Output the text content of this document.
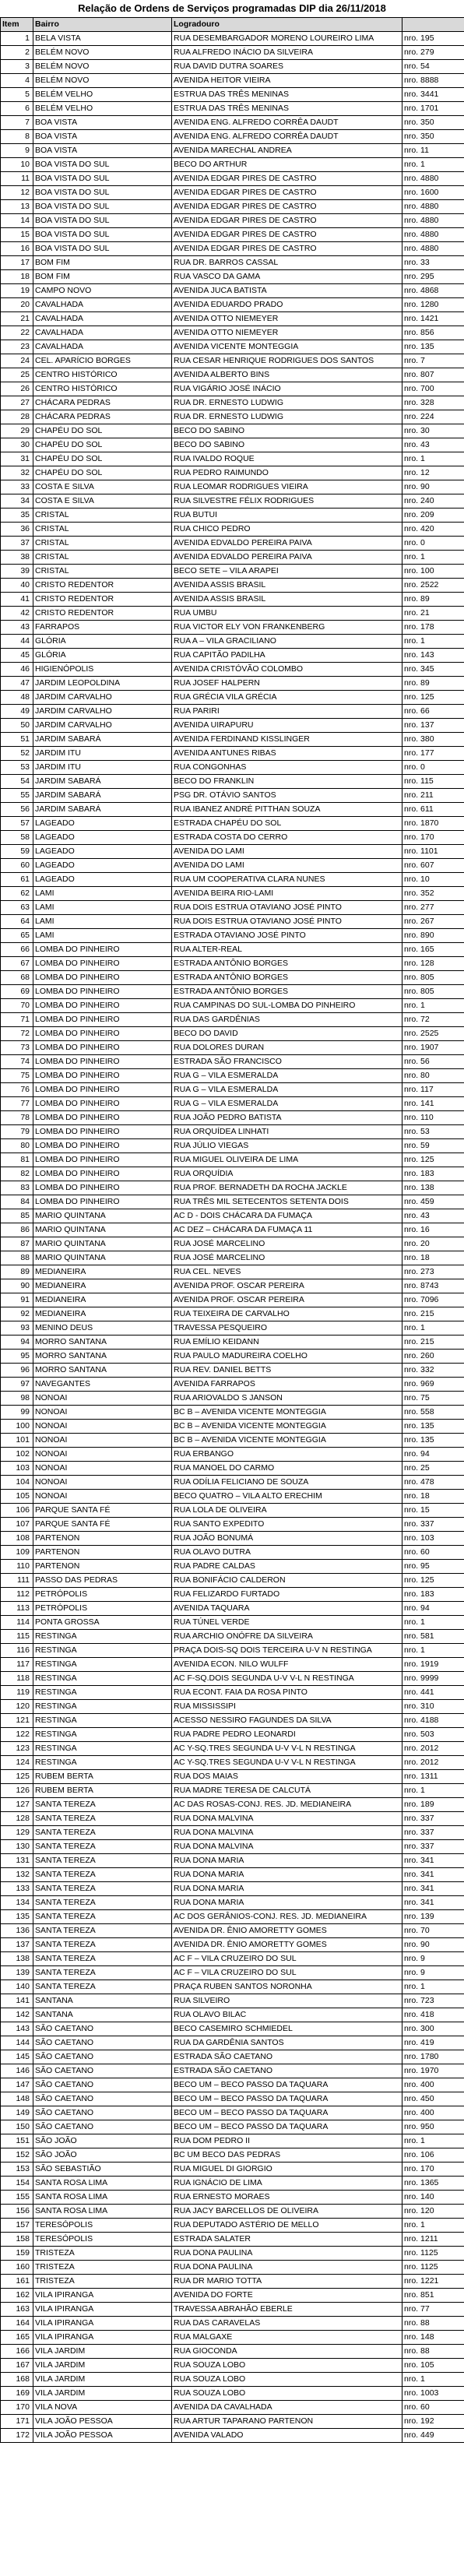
Relação de Ordens de Serviços programadas DIP dia 26/11/2018
Item	Bairro	Logradouro	
1	BELA VISTA	RUA DESEMBARGADOR MORENO LOUREIRO LIMA	nro. 195
2	BELÉM NOVO	RUA ALFREDO INÁCIO DA SILVEIRA	nro. 279
3	BELÉM NOVO	RUA DAVID DUTRA SOARES	nro. 54
4	BELÉM NOVO	AVENIDA HEITOR VIEIRA	nro. 8888
5	BELÉM VELHO	ESTRUA DAS TRÊS MENINAS	nro. 3441
6	BELÉM VELHO	ESTRUA DAS TRÊS MENINAS	nro. 1701
7	BOA VISTA	AVENIDA ENG. ALFREDO CORRÊA DAUDT	nro. 350
8	BOA VISTA	AVENIDA ENG. ALFREDO CORRÊA DAUDT	nro. 350
9	BOA VISTA	AVENIDA MARECHAL ANDREA	nro. 11
10	BOA VISTA DO SUL	BECO DO ARTHUR	nro. 1
11	BOA VISTA DO SUL	AVENIDA EDGAR PIRES DE CASTRO	nro. 4880
12	BOA VISTA DO SUL	AVENIDA EDGAR PIRES DE CASTRO	nro. 1600
13	BOA VISTA DO SUL	AVENIDA EDGAR PIRES DE CASTRO	nro. 4880
14	BOA VISTA DO SUL	AVENIDA EDGAR PIRES DE CASTRO	nro. 4880
15	BOA VISTA DO SUL	AVENIDA EDGAR PIRES DE CASTRO	nro. 4880
16	BOA VISTA DO SUL	AVENIDA EDGAR PIRES DE CASTRO	nro. 4880
17	BOM FIM	RUA DR. BARROS CASSAL	nro. 33
18	BOM FIM	RUA VASCO DA GAMA	nro. 295
19	CAMPO NOVO	AVENIDA JUCA BATISTA	nro. 4868
20	CAVALHADA	AVENIDA EDUARDO PRADO	nro. 1280
21	CAVALHADA	AVENIDA OTTO NIEMEYER	nro. 1421
22	CAVALHADA	AVENIDA OTTO NIEMEYER	nro. 856
23	CAVALHADA	AVENIDA VICENTE MONTEGGIA	nro. 135
24	CEL. APARÍCIO BORGES	RUA CESAR HENRIQUE RODRIGUES DOS SANTOS	nro. 7
25	CENTRO HISTÓRICO	AVENIDA ALBERTO BINS	nro. 807
26	CENTRO HISTÓRICO	RUA VIGÁRIO JOSÉ INÁCIO	nro. 700
27	CHÁCARA PEDRAS	RUA DR. ERNESTO LUDWIG	nro. 328
28	CHÁCARA PEDRAS	RUA DR. ERNESTO LUDWIG	nro. 224
29	CHAPÉU DO SOL	BECO DO SABINO	nro. 30
30	CHAPÉU DO SOL	BECO DO SABINO	nro. 43
31	CHAPÉU DO SOL	RUA IVALDO ROQUE	nro. 1
32	CHAPÉU DO SOL	RUA PEDRO RAIMUNDO	nro. 12
33	COSTA E SILVA	RUA LEOMAR RODRIGUES VIEIRA	nro. 90
34	COSTA E SILVA	RUA SILVESTRE FÉLIX RODRIGUES	nro. 240
35	CRISTAL	RUA BUTUI	nro. 209
36	CRISTAL	RUA CHICO PEDRO	nro. 420
37	CRISTAL	AVENIDA EDVALDO PEREIRA PAIVA	nro. 0
38	CRISTAL	AVENIDA EDVALDO PEREIRA PAIVA	nro. 1
39	CRISTAL	BECO SETE – VILA ARAPEI	nro. 100
40	CRISTO REDENTOR	AVENIDA ASSIS BRASIL	nro. 2522
41	CRISTO REDENTOR	AVENIDA ASSIS BRASIL	nro. 89
42	CRISTO REDENTOR	RUA UMBU	nro. 21
43	FARRAPOS	RUA VICTOR ELY VON FRANKENBERG	nro. 178
44	GLÓRIA	RUA A – VILA GRACILIANO	nro. 1
45	GLÓRIA	RUA CAPITÃO PADILHA	nro. 143
46	HIGIENÓPOLIS	AVENIDA CRISTÓVÃO COLOMBO	nro. 345
47	JARDIM LEOPOLDINA	RUA JOSEF HALPERN	nro. 89
48	JARDIM CARVALHO	RUA GRÉCIA VILA GRÉCIA	nro. 125
49	JARDIM CARVALHO	RUA PARIRI	nro. 66
50	JARDIM CARVALHO	AVENIDA UIRAPURU	nro. 137
51	JARDIM SABARÁ	AVENIDA FERDINAND KISSLINGER	nro. 380
52	JARDIM ITU	AVENIDA ANTUNES RIBAS	nro. 177
53	JARDIM ITU	RUA CONGONHAS	nro. 0
54	JARDIM SABARÁ	BECO DO FRANKLIN	nro. 115
55	JARDIM SABARÁ	PSG DR. OTÁVIO SANTOS	nro. 211
56	JARDIM SABARÁ	RUA IBANEZ ANDRÉ PITTHAN SOUZA	nro. 611
57	LAGEADO	ESTRADA CHAPÉU DO SOL	nro. 1870
58	LAGEADO	ESTRADA COSTA DO CERRO	nro. 170
59	LAGEADO	AVENIDA DO LAMI	nro. 1101
60	LAGEADO	AVENIDA DO LAMI	nro. 607
61	LAGEADO	RUA UM COOPERATIVA CLARA NUNES	nro. 10
62	LAMI	AVENIDA BEIRA RIO-LAMI	nro. 352
63	LAMI	RUA DOIS ESTRUA OTAVIANO JOSÉ PINTO	nro. 277
64	LAMI	RUA DOIS ESTRUA OTAVIANO JOSÉ PINTO	nro. 267
65	LAMI	ESTRADA OTAVIANO JOSÉ PINTO	nro. 890
66	LOMBA DO PINHEIRO	RUA ALTER-REAL	nro. 165
67	LOMBA DO PINHEIRO	ESTRADA ANTÔNIO BORGES	nro. 128
68	LOMBA DO PINHEIRO	ESTRADA ANTÔNIO BORGES	nro. 805
69	LOMBA DO PINHEIRO	ESTRADA ANTÔNIO BORGES	nro. 805
70	LOMBA DO PINHEIRO	RUA CAMPINAS DO SUL-LOMBA DO PINHEIRO	nro. 1
71	LOMBA DO PINHEIRO	RUA DAS GARDÊNIAS	nro. 72
72	LOMBA DO PINHEIRO	BECO DO DAVID	nro. 2525
73	LOMBA DO PINHEIRO	RUA DOLORES DURAN	nro. 1907
74	LOMBA DO PINHEIRO	ESTRADA SÃO FRANCISCO	nro. 56
75	LOMBA DO PINHEIRO	RUA G – VILA ESMERALDA	nro. 80
76	LOMBA DO PINHEIRO	RUA G – VILA ESMERALDA	nro. 117
77	LOMBA DO PINHEIRO	RUA G – VILA ESMERALDA	nro. 141
78	LOMBA DO PINHEIRO	RUA JOÃO PEDRO BATISTA	nro. 110
79	LOMBA DO PINHEIRO	RUA ORQUÍDEA LINHATI	nro. 53
80	LOMBA DO PINHEIRO	RUA JÚLIO VIEGAS	nro. 59
81	LOMBA DO PINHEIRO	RUA MIGUEL OLIVEIRA DE LIMA	nro. 125
82	LOMBA DO PINHEIRO	RUA ORQUÍDIA	nro. 183
83	LOMBA DO PINHEIRO	RUA PROF. BERNADETH DA ROCHA JACKLE	nro. 138
84	LOMBA DO PINHEIRO	RUA TRÊS MIL SETECENTOS SETENTA DOIS	nro. 459
85	MARIO QUINTANA	AC D - DOIS CHÁCARA DA FUMAÇA	nro. 43
86	MARIO QUINTANA	AC DEZ – CHÁCARA DA FUMAÇA 11	nro. 16
87	MARIO QUINTANA	RUA JOSÉ MARCELINO	nro. 20
88	MARIO QUINTANA	RUA JOSÉ MARCELINO	nro. 18
89	MEDIANEIRA	RUA CEL. NEVES	nro. 273
90	MEDIANEIRA	AVENIDA PROF. OSCAR PEREIRA	nro. 8743
91	MEDIANEIRA	AVENIDA PROF. OSCAR PEREIRA	nro. 7096
92	MEDIANEIRA	RUA TEIXEIRA DE CARVALHO	nro. 215
93	MENINO DEUS	TRAVESSA PESQUEIRO	nro. 1
94	MORRO SANTANA	RUA EMÍLIO KEIDANN	nro. 215
95	MORRO SANTANA	RUA PAULO MADUREIRA COELHO	nro. 260
96	MORRO SANTANA	RUA REV. DANIEL BETTS	nro. 332
97	NAVEGANTES	AVENIDA FARRAPOS	nro. 969
98	NONOAI	RUA ARIOVALDO S JANSON	nro. 75
99	NONOAI	BC B – AVENIDA VICENTE MONTEGGIA	nro. 558
100	NONOAI	BC B – AVENIDA VICENTE MONTEGGIA	nro. 135
101	NONOAI	BC B – AVENIDA VICENTE MONTEGGIA	nro. 135
102	NONOAI	RUA ERBANGO	nro. 94
103	NONOAI	RUA MANOEL DO CARMO	nro. 25
104	NONOAI	RUA ODÍLIA FELICIANO DE SOUZA	nro. 478
105	NONOAI	BECO QUATRO – VILA ALTO ERECHIM	nro. 18
106	PARQUE SANTA FÉ	RUA LOLA DE OLIVEIRA	nro. 15
107	PARQUE SANTA FÉ	RUA SANTO EXPEDITO	nro. 337
108	PARTENON	RUA JOÃO BONUMÁ	nro. 103
109	PARTENON	RUA OLAVO DUTRA	nro. 60
110	PARTENON	RUA PADRE CALDAS	nro. 95
111	PASSO DAS PEDRAS	RUA BONIFÁCIO CALDERON	nro. 125
112	PETRÓPOLIS	RUA FELIZARDO FURTADO	nro. 183
113	PETRÓPOLIS	AVENIDA TAQUARA	nro. 94
114	PONTA GROSSA	RUA TÚNEL VERDE	nro. 1
115	RESTINGA	RUA ARCHIO ONÓFRE DA SILVEIRA	nro. 581
116	RESTINGA	PRAÇA DOIS-SQ DOIS TERCEIRA U-V N RESTINGA	nro. 1
117	RESTINGA	AVENIDA ECON. NILO WULFF	nro. 1919
118	RESTINGA	AC F-SQ.DOIS SEGUNDA U-V V-L N RESTINGA	nro. 9999
119	RESTINGA	RUA ECONT. FAIA DA ROSA PINTO	nro. 441
120	RESTINGA	RUA MISSISSIPI	nro. 310
121	RESTINGA	ACESSO NESSIRO FAGUNDES DA SILVA	nro. 4188
122	RESTINGA	RUA PADRE PEDRO LEONARDI	nro. 503
123	RESTINGA	AC Y-SQ.TRES SEGUNDA U-V V-L N RESTINGA	nro. 2012
124	RESTINGA	AC Y-SQ.TRES SEGUNDA U-V V-L N RESTINGA	nro. 2012
125	RUBEM BERTA	RUA DOS MAIAS	nro. 1311
126	RUBEM BERTA	RUA MADRE TERESA DE CALCUTÁ	nro. 1
127	SANTA TEREZA	AC DAS ROSAS-CONJ. RES. JD. MEDIANEIRA	nro. 189
128	SANTA TEREZA	RUA DONA MALVINA	nro. 337
129	SANTA TEREZA	RUA DONA MALVINA	nro. 337
130	SANTA TEREZA	RUA DONA MALVINA	nro. 337
131	SANTA TEREZA	RUA DONA MARIA	nro. 341
132	SANTA TEREZA	RUA DONA MARIA	nro. 341
133	SANTA TEREZA	RUA DONA MARIA	nro. 341
134	SANTA TEREZA	RUA DONA MARIA	nro. 341
135	SANTA TEREZA	AC DOS GERÂNIOS-CONJ. RES. JD. MEDIANEIRA	nro. 139
136	SANTA TEREZA	AVENIDA DR. ÊNIO AMORETTY GOMES	nro. 70
137	SANTA TEREZA	AVENIDA DR. ÊNIO AMORETTY GOMES	nro. 90
138	SANTA TEREZA	AC F – VILA CRUZEIRO DO SUL	nro. 9
139	SANTA TEREZA	AC F – VILA CRUZEIRO DO SUL	nro. 9
140	SANTA TEREZA	PRAÇA RUBEN SANTOS NORONHA	nro. 1
141	SANTANA	RUA SILVEIRO	nro. 723
142	SANTANA	RUA OLAVO BILAC	nro. 418
143	SÃO CAETANO	BECO CASEMIRO SCHMIEDEL	nro. 300
144	SÃO CAETANO	RUA DA GARDÊNIA SANTOS	nro. 419
145	SÃO CAETANO	ESTRADA SÃO CAETANO	nro. 1780
146	SÃO CAETANO	ESTRADA SÃO CAETANO	nro. 1970
147	SÃO CAETANO	BECO UM – BECO PASSO DA TAQUARA	nro. 400
148	SÃO CAETANO	BECO UM – BECO PASSO DA TAQUARA	nro. 450
149	SÃO CAETANO	BECO UM – BECO PASSO DA TAQUARA	nro. 400
150	SÃO CAETANO	BECO UM – BECO PASSO DA TAQUARA	nro. 950
151	SÃO JOÃO	RUA DOM PEDRO II	nro. 1
152	SÃO JOÃO	BC UM BECO DAS PEDRAS	nro. 106
153	SÃO SEBASTIÃO	RUA MIGUEL DI GIORGIO	nro. 170
154	SANTA ROSA LIMA	RUA IGNÁCIO DE LIMA	nro. 1365
155	SANTA ROSA LIMA	RUA ERNESTO MORAES	nro. 140
156	SANTA ROSA LIMA	RUA JACY BARCELLOS DE OLIVEIRA	nro. 120
157	TERESÓPOLIS	RUA DEPUTADO ASTÉRIO DE MELLO	nro. 1
158	TERESÓPOLIS	ESTRADA SALATER	nro. 1211
159	TRISTEZA	RUA DONA PAULINA	nro. 1125
160	TRISTEZA	RUA DONA PAULINA	nro. 1125
161	TRISTEZA	RUA DR MARIO TOTTA	nro. 1221
162	VILA IPIRANGA	AVENIDA DO FORTE	nro. 851
163	VILA IPIRANGA	TRAVESSA ABRAHÃO EBERLE	nro. 77
164	VILA IPIRANGA	RUA DAS CARAVELAS	nro. 88
165	VILA IPIRANGA	RUA MALGAXE	nro. 148
166	VILA JARDIM	RUA GIOCONDA	nro. 88
167	VILA JARDIM	RUA SOUZA LOBO	nro. 105
168	VILA JARDIM	RUA SOUZA LOBO	nro. 1
169	VILA JARDIM	RUA SOUZA LOBO	nro. 1003
170	VILA NOVA	AVENIDA DA CAVALHADA	nro. 60
171	VILA JOÃO PESSOA	RUA ARTUR TAPARANO PARTENON	nro. 192
172	VILA JOÃO PESSOA	AVENIDA VALADO	nro. 449
